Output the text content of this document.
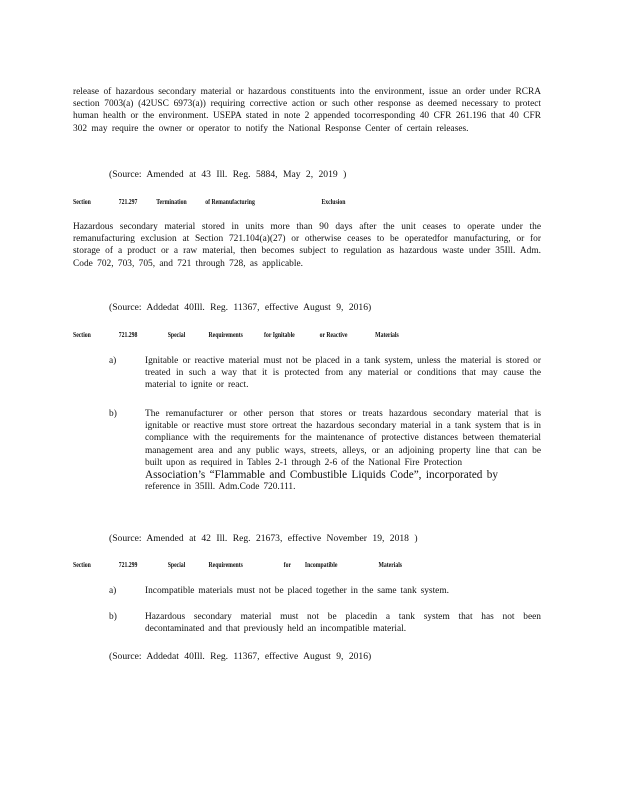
release of hazardous secondary material or hazardous constituents into the environment, issue an order under RCRA section 7003(a) (42USC 6973(a)) requiring corrective action or such other response as deemed necessary to protect human health or the environment. USEPA stated in note 2 appended tocorresponding 40 CFR 261.196 that 40 CFR 302 may require the owner or operator to notify the National Response Center of certain releases.

(Source: Amended at 43 Ill. Reg. 5884, May 2, 2019 )

Section	721.297	Termination	of Remanufacturing	Exclusion

Hazardous secondary material stored in units more than 90 days after the unit ceases to operate under the remanufacturing exclusion at Section 721.104(a)(27) or otherwise ceases to be operatedfor manufacturing, or for storage of a product or a raw material, then becomes subject to regulation as hazardous waste under 35Ill. Adm. Code 702, 703, 705, and 721 through 728, as applicable.

(Source: Addedat 40Ill. Reg. 11367, effective August 9, 2016)

Section	721.298	Special	Requirements	for Ignitable	or Reactive	Materials
a)	Ignitable or reactive material must not be placed in a tank system, unless the material is stored or treated in such a way that it is protected from any material or conditions that may cause the material to ignite or react.
b)	The remanufacturer or other person that stores or treats hazardous secondary material that is ignitable or reactive must store ortreat the hazardous secondary material in a tank system that is in compliance with the requirements for the maintenance of protective distances between thematerial management area and any public ways, streets, alleys, or an adjoining property line that can be built upon as required in Tables 2-1 through 2-6 of the National Fire Protection
Association’s “Flammable and Combustible Liquids Code”, incorporated by
reference in 35Ill. Adm.Code 720.111.

(Source: Amended at 42 Ill. Reg. 21673, effective November 19, 2018 )

Section	721.299	Special	Requirements	for Incompatible	Materials
a)	Incompatible materials must not be placed together in the same tank system.
b)	Hazardous secondary material must not be placedin a tank system that has not been decontaminated and that previously held an incompatible material.

(Source: Addedat 40Ill. Reg. 11367, effective August 9, 2016)
